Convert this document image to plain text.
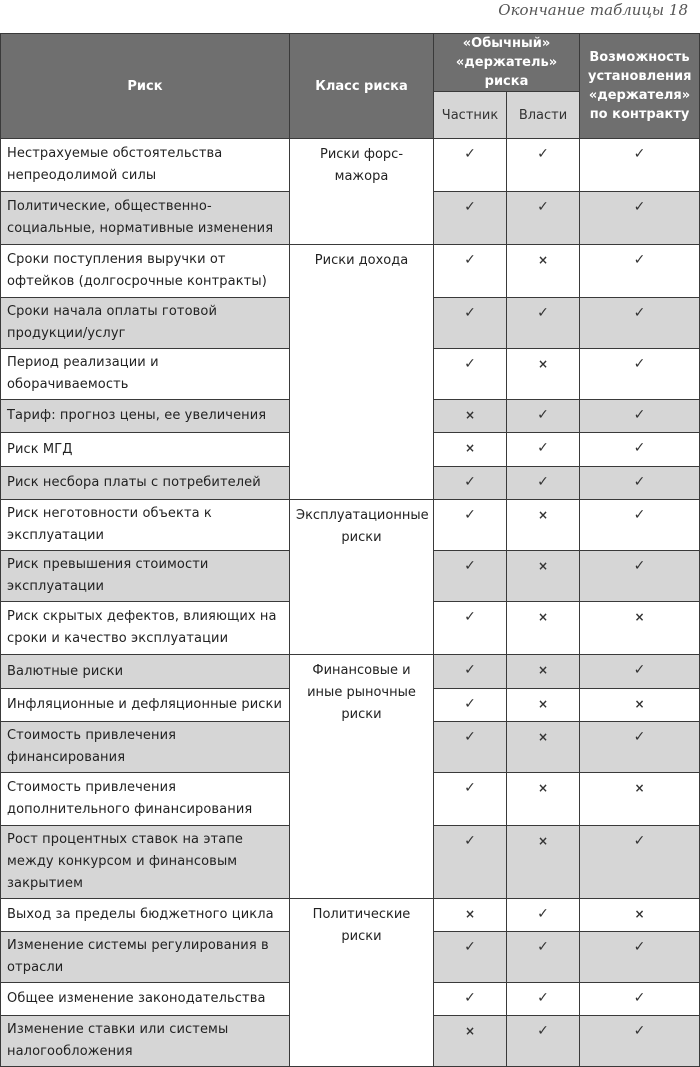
Окончание таблицы 18
Риск	Класс риска	«Обычный» «держатель» риска		Возможность установления «держателя» по контракту
		Частник	Власти	
Нестрахуемые обстоятельства непреодолимой силы	Риски форс-мажора	✓	✓	✓
Политические, общественно-социальные, нормативные изменения		✓	✓	✓
Сроки поступления выручки от офтейков (долгосрочные контракты)	Риски дохода	✓	×	✓
Сроки начала оплаты готовой продукции/услуг		✓	✓	✓
Период реализации и оборачиваемость		✓	×	✓
Тариф: прогноз цены, ее увеличения		×	✓	✓
Риск МГД		×	✓	✓
Риск несбора платы с потребителей		✓	✓	✓
Риск неготовности объекта к эксплуатации	Эксплуатационные риски	✓	×	✓
Риск превышения стоимости эксплуатации		✓	×	✓
Риск скрытых дефектов, влияющих на сроки и качество эксплуатации		✓	×	×
Валютные риски	Финансовые и иные рыночные риски	✓	×	✓
Инфляционные и дефляционные риски		✓	×	×
Стоимость привлечения финансирования		✓	×	✓
Стоимость привлечения дополнительного финансирования		✓	×	×
Рост процентных ставок на этапе между конкурсом и финансовым закрытием		✓	×	✓
Выход за пределы бюджетного цикла	Политические риски	×	✓	×
Изменение системы регулирования в отрасли		✓	✓	✓
Общее изменение законодательства		✓	✓	✓
Изменение ставки или системы налогообложения		×	✓	✓
